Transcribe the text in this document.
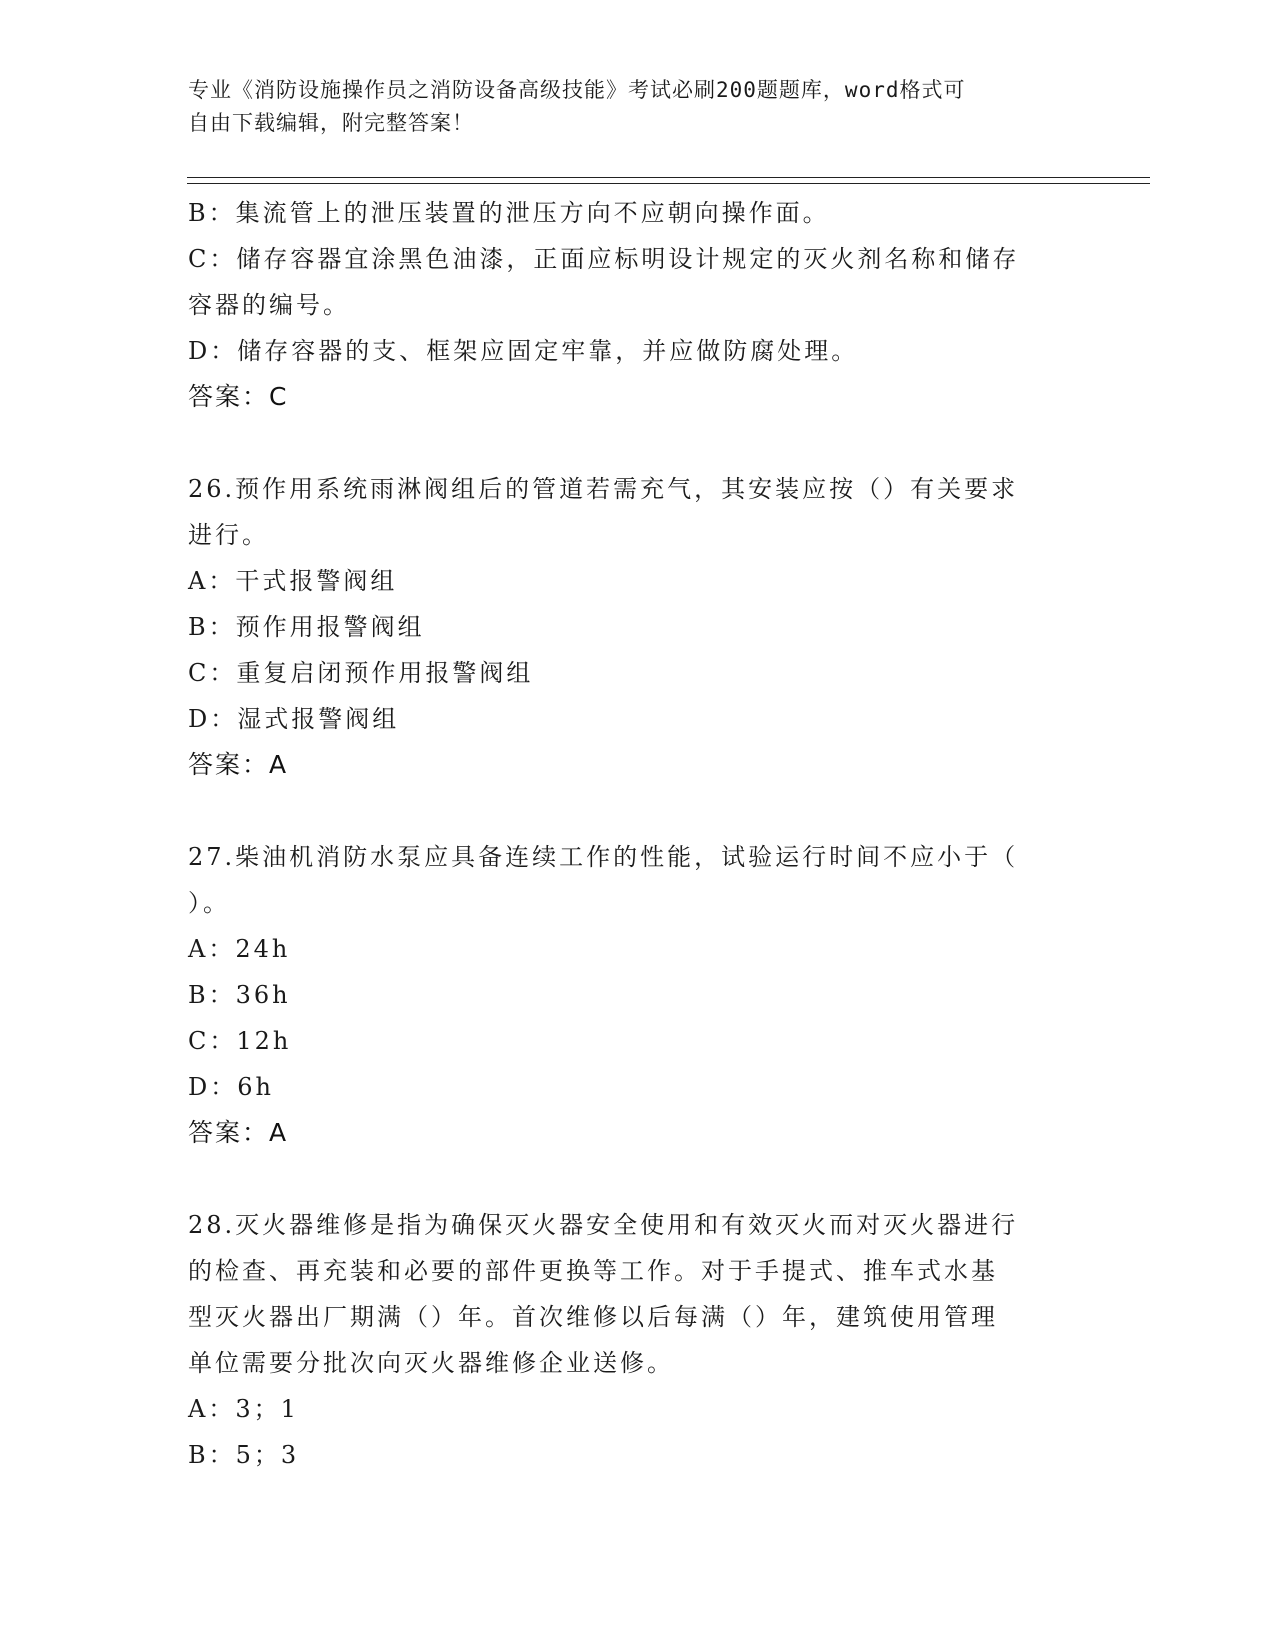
专业《消防设施操作员之消防设备高级技能》考试必刷200题题库，word格式可
自由下载编辑，附完整答案！
B：集流管上的泄压装置的泄压方向不应朝向操作面。
C：储存容器宜涂黑色油漆，正面应标明设计规定的灭火剂名称和储存
容器的编号。
D：储存容器的支、框架应固定牢靠，并应做防腐处理。
答案：C
26.预作用系统雨淋阀组后的管道若需充气，其安装应按（）有关要求
进行。
A：干式报警阀组
B：预作用报警阀组
C：重复启闭预作用报警阀组
D：湿式报警阀组
答案：A
27.柴油机消防水泵应具备连续工作的性能，试验运行时间不应小于（
）。
A：24h
B：36h
C：12h
D：6h
答案：A
28.灭火器维修是指为确保灭火器安全使用和有效灭火而对灭火器进行
的检查、再充装和必要的部件更换等工作。对于手提式、推车式水基
型灭火器出厂期满（）年。首次维修以后每满（）年，建筑使用管理
单位需要分批次向灭火器维修企业送修。
A：3；1
B：5；3
